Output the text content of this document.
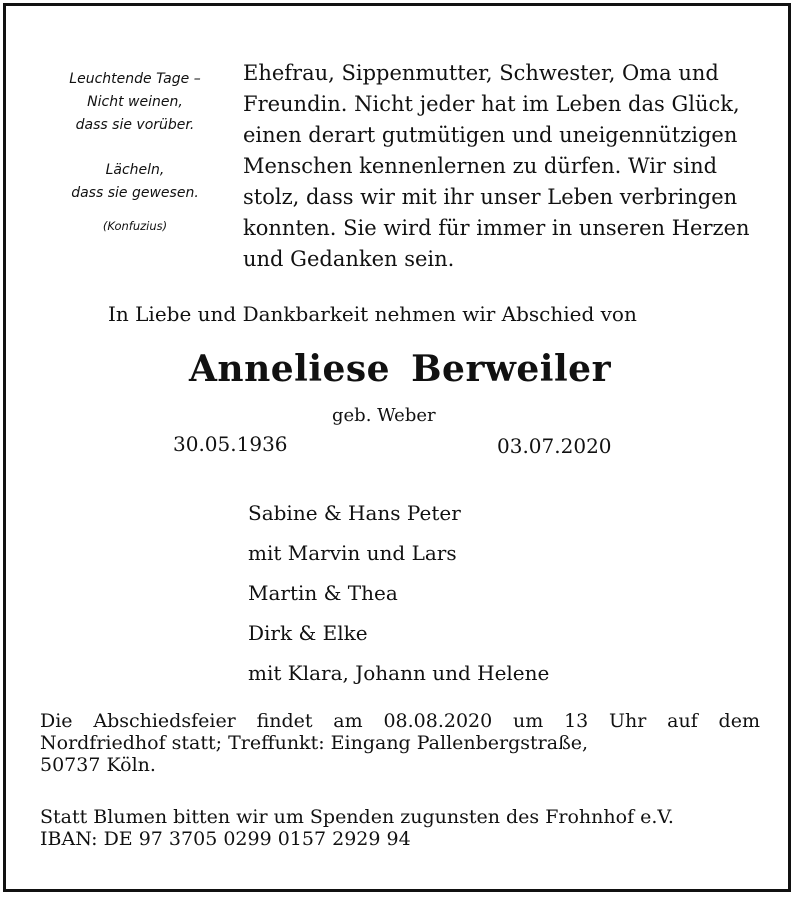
Leuchtende Tage –
Nicht weinen,
dass sie vorüber.
Lächeln,
dass sie gewesen.
(Konfuzius)

Ehefrau, Sippenmutter, Schwester, Oma und

Freundin. Nicht jeder hat im Leben das Glück,

einen derart gutmütigen und uneigennützigen

Menschen kennenlernen zu dürfen. Wir sind

stolz, dass wir mit ihr unser Leben verbringen

konnten. Sie wird für immer in unseren Herzen

und Gedanken sein.

In Liebe und Dankbarkeit nehmen wir Abschied von
Anneliese Berweiler
geb. Weber
30.05.1936	03.07.2020
Sabine & Hans Peter
mit Marvin und Lars
Martin & Thea
Dirk & Elke
mit Klara, Johann und Helene
Die Abschiedsfeier findet am 08.08.2020 um 13 Uhr auf dem
Nordfriedhof statt; Treffunkt: Eingang Pallenbergstraße,
50737 Köln.
Statt Blumen bitten wir um Spenden zugunsten des Frohnhof e.V.
IBAN: DE 97 3705 0299 0157 2929 94
